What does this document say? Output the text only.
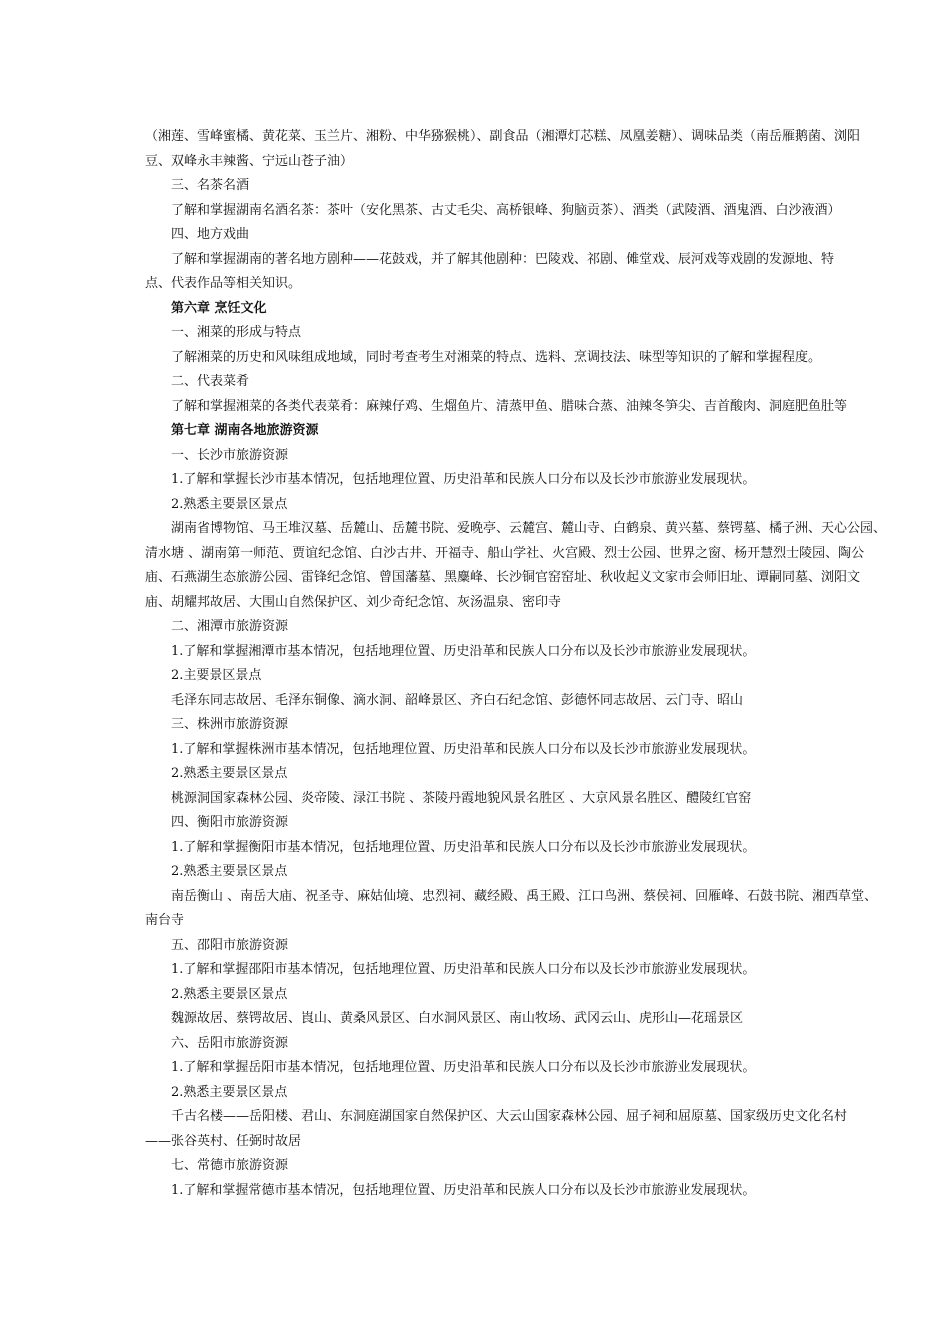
（湘莲、雪峰蜜橘、黄花菜、玉兰片、湘粉、中华猕猴桃）、副食品（湘潭灯芯糕、凤凰姜糖）、调味品类（南岳雁鹅菌、浏阳

豆、双峰永丰辣酱、宁远山苍子油）

三、名茶名酒

了解和掌握湖南名酒名茶：茶叶（安化黑茶、古丈毛尖、高桥银峰、狗脑贡茶）、酒类（武陵酒、酒鬼酒、白沙液酒）

四、地方戏曲

了解和掌握湖南的著名地方剧种——花鼓戏，并了解其他剧种：巴陵戏、祁剧、傩堂戏、辰河戏等戏剧的发源地、特

点、代表作品等相关知识。

第六章 烹饪文化

一、湘菜的形成与特点

了解湘菜的历史和风味组成地域，同时考查考生对湘菜的特点、选料、烹调技法、味型等知识的了解和掌握程度。

二、代表菜肴

了解和掌握湘菜的各类代表菜肴：麻辣仔鸡、生熘鱼片、清蒸甲鱼、腊味合蒸、油辣冬笋尖、吉首酸肉、洞庭肥鱼肚等

第七章 湖南各地旅游资源

一、长沙市旅游资源

1.了解和掌握长沙市基本情况，包括地理位置、历史沿革和民族人口分布以及长沙市旅游业发展现状。

2.熟悉主要景区景点

湖南省博物馆、马王堆汉墓、岳麓山、岳麓书院、爱晚亭、云麓宫、麓山寺、白鹤泉、黄兴墓、蔡锷墓、橘子洲、天心公园、

清水塘 、湖南第一师范、贾谊纪念馆、白沙古井、开福寺、船山学社、火宫殿、烈士公园、世界之窗、杨开慧烈士陵园、陶公

庙、石燕湖生态旅游公园、雷锋纪念馆、曾国藩墓、黑麋峰、长沙铜官窑窑址、秋收起义文家市会师旧址、谭嗣同墓、浏阳文

庙、胡耀邦故居、大围山自然保护区、刘少奇纪念馆、灰汤温泉、密印寺

二、湘潭市旅游资源

1.了解和掌握湘潭市基本情况，包括地理位置、历史沿革和民族人口分布以及长沙市旅游业发展现状。

2.主要景区景点

毛泽东同志故居、毛泽东铜像、滴水洞、韶峰景区、齐白石纪念馆、彭德怀同志故居、云门寺、昭山

三、株洲市旅游资源

1.了解和掌握株洲市基本情况，包括地理位置、历史沿革和民族人口分布以及长沙市旅游业发展现状。

2.熟悉主要景区景点

桃源洞国家森林公园、炎帝陵、渌江书院 、茶陵丹霞地貌风景名胜区 、大京风景名胜区、醴陵红官窑

四、衡阳市旅游资源

1.了解和掌握衡阳市基本情况，包括地理位置、历史沿革和民族人口分布以及长沙市旅游业发展现状。

2.熟悉主要景区景点

南岳衡山 、南岳大庙、祝圣寺、麻姑仙境、忠烈祠、藏经殿、禹王殿、江口鸟洲、蔡侯祠、回雁峰、石鼓书院、湘西草堂、

南台寺

五、邵阳市旅游资源

1.了解和掌握邵阳市基本情况，包括地理位置、历史沿革和民族人口分布以及长沙市旅游业发展现状。

2.熟悉主要景区景点

魏源故居、蔡锷故居、崀山、黄桑风景区、白水洞风景区、南山牧场、武冈云山、虎形山—花瑶景区

六、岳阳市旅游资源

1.了解和掌握岳阳市基本情况，包括地理位置、历史沿革和民族人口分布以及长沙市旅游业发展现状。

2.熟悉主要景区景点

千古名楼——岳阳楼、君山、东洞庭湖国家自然保护区、大云山国家森林公园、屈子祠和屈原墓、国家级历史文化名村

——张谷英村、任弼时故居

七、常德市旅游资源

1.了解和掌握常德市基本情况，包括地理位置、历史沿革和民族人口分布以及长沙市旅游业发展现状。
